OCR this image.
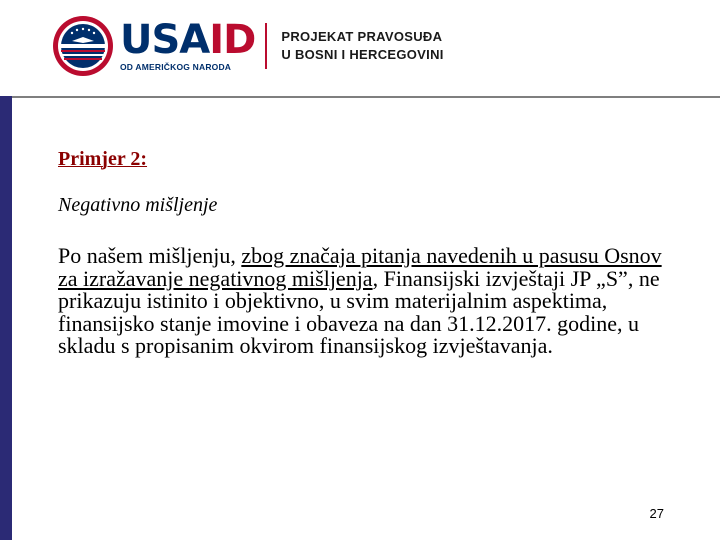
USAID
OD AMERIČKOG NARODA
PROJEKAT PRAVOSUĐA
U BOSNI I HERCEGOVINI
Primjer 2:

Negativno mišljenje

Po našem mišljenju, zbog značaja pitanja navedenih u pasusu Osnov za izražavanje negativnog mišljenja, Finansijski izvještaji JP „S”, ne prikazuju istinito i objektivno, u svim materijalnim aspektima, finansijsko stanje imovine i obaveza na dan 31.12.2017. godine, u skladu s propisanim okvirom finansijskog izvještavanja.

27
